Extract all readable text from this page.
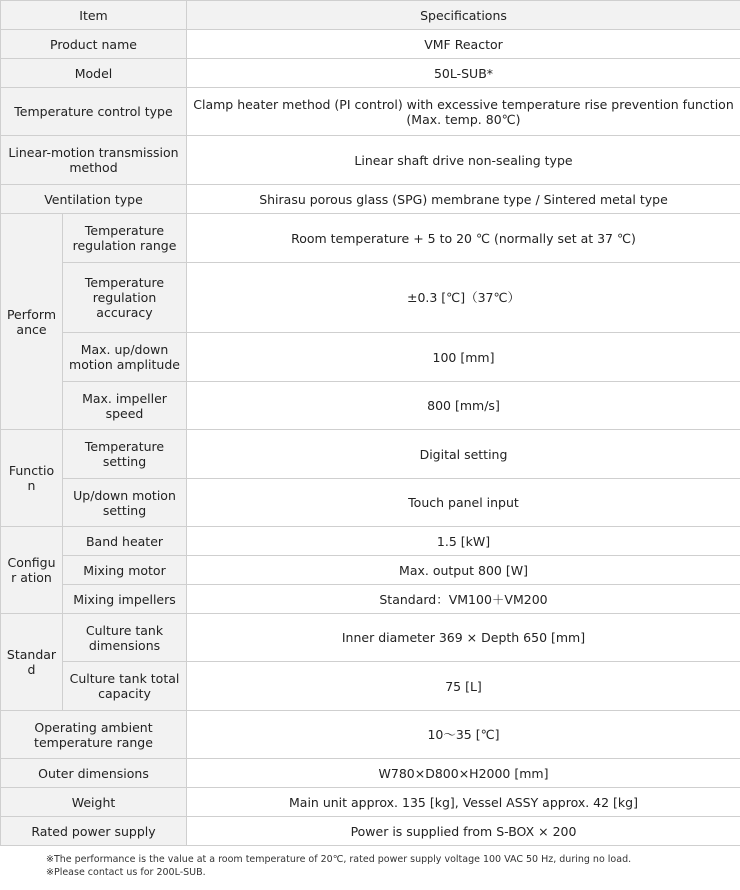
Item		Specifications
Product name		VMF Reactor
Model		50L-SUB*
Temperature control type		Clamp heater method (PI control) with excessive temperature rise prevention function (Max. temp. 80℃)
Linear-motion transmission method		Linear shaft drive non-sealing type
Ventilation type		Shirasu porous glass (SPG) membrane type / Sintered metal type
Perform ance	Temperature regulation range	Room temperature + 5 to 20 ℃ (normally set at 37 ℃)
	Temperature regulation accuracy	±0.3 [℃]（37℃）
	Max. up/down motion amplitude	100 [mm]
	Max. impeller speed	800 [mm/s]
Function	Temperature setting	Digital setting
	Up/down motion setting	Touch panel input
Configur ation	Band heater	1.5 [kW]
	Mixing motor	Max. output 800 [W]
	Mixing impellers	Standard：VM100＋VM200
Standard	Culture tank dimensions	Inner diameter 369 × Depth 650 [mm]
	Culture tank total capacity	75 [L]
Operating ambient temperature range		10～35 [℃]
Outer dimensions		W780×D800×H2000 [mm]
Weight		Main unit approx. 135 [kg], Vessel ASSY approx. 42 [kg]
Rated power supply		Power is supplied from S-BOX × 200
※The performance is the value at a room temperature of 20℃, rated power supply voltage 100 VAC 50 Hz, during no load.
※Please contact us for 200L-SUB.
